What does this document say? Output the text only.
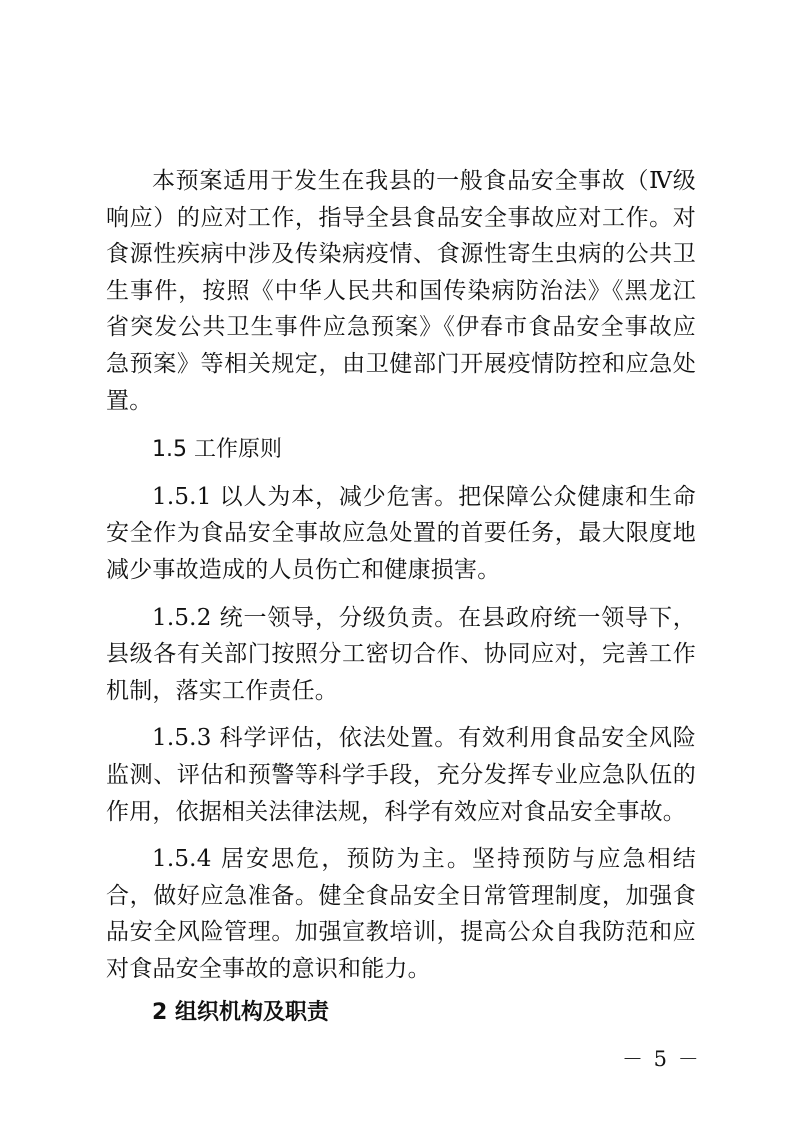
本预案适用于发生在我县的一般食品安全事故（Ⅳ级响应）的应对工作，指导全县食品安全事故应对工作。对食源性疾病中涉及传染病疫情、食源性寄生虫病的公共卫生事件，按照《中华人民共和国传染病防治法》《黑龙江省突发公共卫生事件应急预案》《伊春市食品安全事故应急预案》等相关规定，由卫健部门开展疫情防控和应急处置。

1.5 工作原则

1.5.1 以人为本，减少危害。把保障公众健康和生命安全作为食品安全事故应急处置的首要任务，最大限度地减少事故造成的人员伤亡和健康损害。

1.5.2 统一领导，分级负责。在县政府统一领导下，县级各有关部门按照分工密切合作、协同应对，完善工作机制，落实工作责任。

1.5.3 科学评估，依法处置。有效利用食品安全风险监测、评估和预警等科学手段，充分发挥专业应急队伍的作用，依据相关法律法规，科学有效应对食品安全事故。

1.5.4 居安思危，预防为主。坚持预防与应急相结合，做好应急准备。健全食品安全日常管理制度，加强食品安全风险管理。加强宣教培训，提高公众自我防范和应对食品安全事故的意识和能力。

2 组织机构及职责

－ 5 －
